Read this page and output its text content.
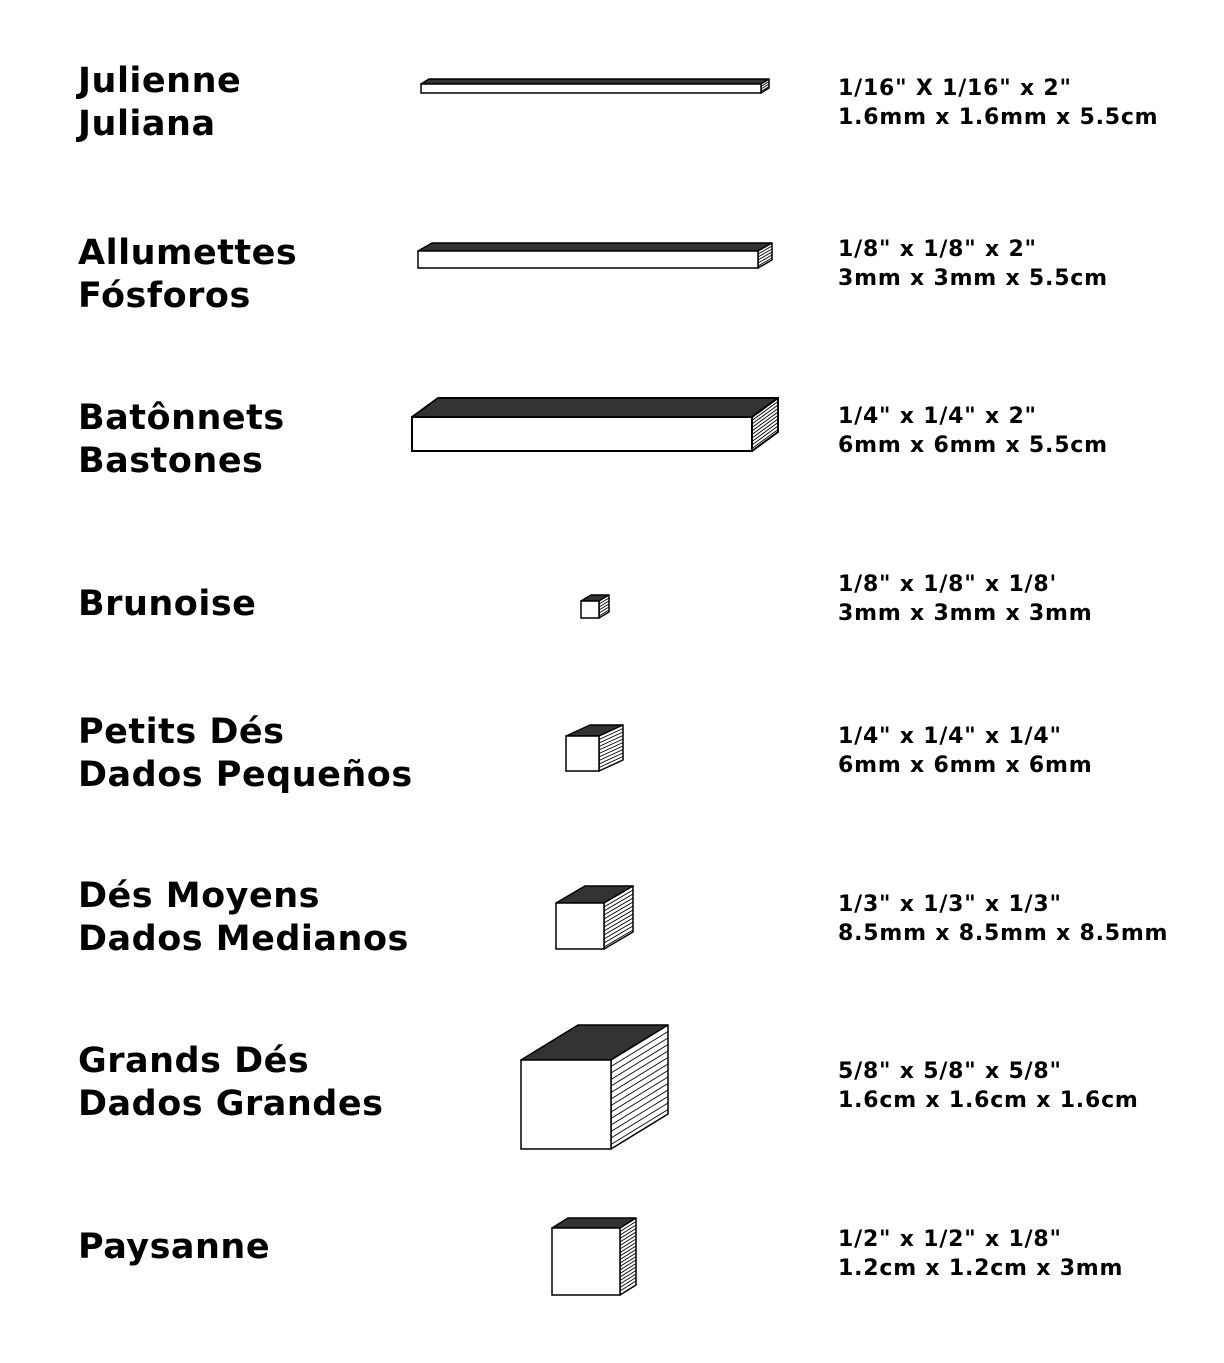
Julienne
Juliana
Allumettes
Fósforos
Batônnets
Bastones
Brunoise
Petits Dés
Dados Pequeños
Dés Moyens
Dados Medianos
Grands Dés
Dados Grandes
Paysanne
1/16" X 1/16" x 2"
1.6mm x 1.6mm x 5.5cm
1/8" x 1/8" x 2"
3mm x 3mm x 5.5cm
1/4" x 1/4" x 2"
6mm x 6mm x 5.5cm
1/8" x 1/8" x 1/8'
3mm x 3mm x 3mm
1/4" x 1/4" x 1/4"
6mm x 6mm x 6mm
1/3" x 1/3" x 1/3"
8.5mm x 8.5mm x 8.5mm
5/8" x 5/8" x 5/8"
1.6cm x 1.6cm x 1.6cm
1/2" x 1/2" x 1/8"
1.2cm x 1.2cm x 3mm
